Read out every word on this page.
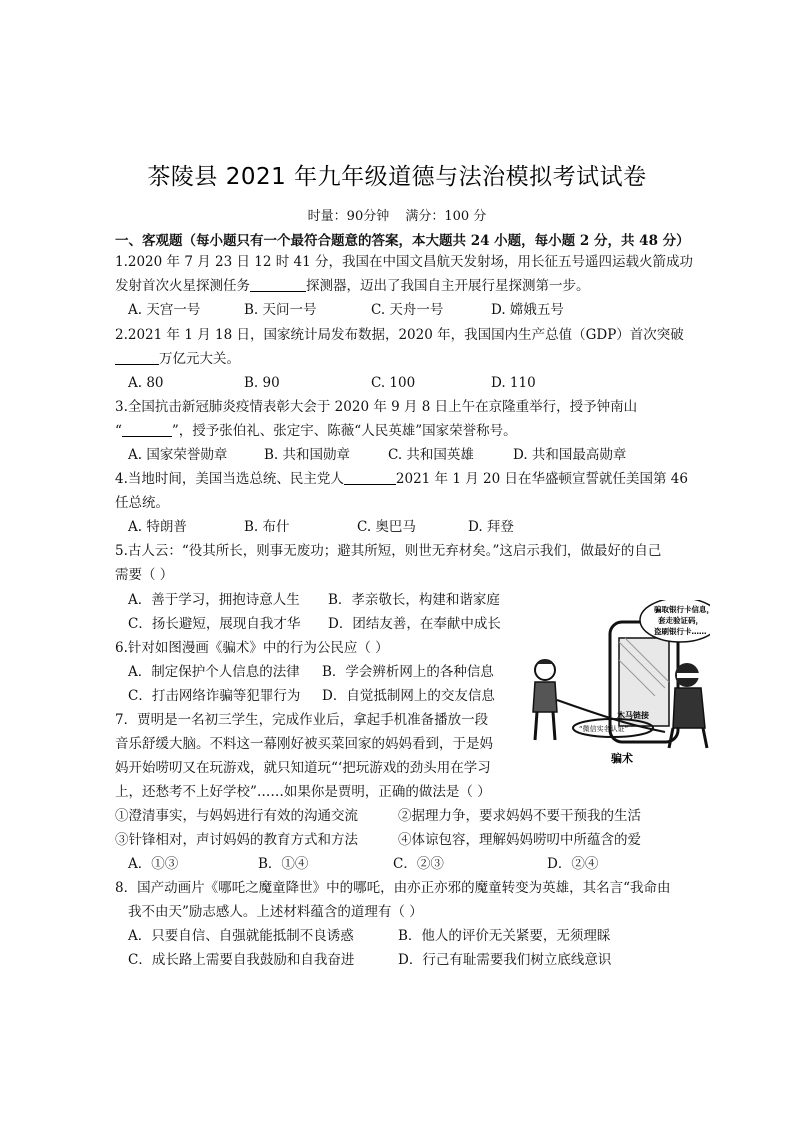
茶陵县 2021 年九年级道德与法治模拟考试试卷
时量：90分钟 满分：100 分
一、客观题（每小题只有一个最符合题意的答案，本大题共 24 小题，每小题 2 分，共 48 分）
1.2020 年 7 月 23 日 12 时 41 分，我国在中国文昌航天发射场，用长征五号遥四运载火箭成功
发射首次火星探测任务	探测器，迈出了我国自主开展行星探测第一步。
A. 天宫一号	B. 天问一号	C. 天舟一号	D. 嫦娥五号
2.2021 年 1 月 18 日，国家统计局发布数据，2020 年，我国国内生产总值（GDP）首次突破
万亿元大关。
A. 80	B. 90	C. 100	D. 110
3.全国抗击新冠肺炎疫情表彰大会于 2020 年 9 月 8 日上午在京隆重举行，授予钟南山
“	”，授予张伯礼、张定宇、陈薇“人民英雄”国家荣誉称号。
A. 国家荣誉勋章	B. 共和国勋章	C. 共和国英雄	D. 共和国最高勋章
4.当地时间，美国当选总统、民主党人	2021 年 1 月 20 日在华盛顿宣誓就任美国第 46
任总统。
A. 特朗普	B. 布什	C. 奥巴马	D. 拜登
5.古人云：“役其所长，则事无废功；避其所短，则世无弃材矣。”这启示我们，做最好的自己
需要（ ）
A．善于学习，拥抱诗意人生 B．孝亲敬长，构建和谐家庭
C．扬长避短，展现自我才华 D．团结友善，在奉献中成长
6.针对如图漫画《骗术》中的行为公民应（ ）
A．制定保护个人信息的法律 B．学会辨析网上的各种信息
C．打击网络诈骗等犯罪行为 D．自觉抵制网上的交友信息
7．贾明是一名初三学生，完成作业后，拿起手机准备播放一段
音乐舒缓大脑。不料这一幕刚好被买菜回家的妈妈看到，于是妈
妈开始唠叨又在玩游戏，就只知道玩“‘把玩游戏的劲头用在学习
上，还愁考不上好学校”……如果你是贾明，正确的做法是（ ）
①澄清事实，与妈妈进行有效的沟通交流	②据理力争，要求妈妈不要干预我的生活
③针锋相对，声讨妈妈的教育方式和方法	④体谅包容，理解妈妈唠叨中所蕴含的爱
A．①③	B．①④	C．②③	D．②④
8．国产动画片《哪吒之魔童降世》中的哪吒，由亦正亦邪的魔童转变为英雄，其名言“我命由
我不由天”励志感人。上述材料蕴含的道理有（ ）
A．只要自信、自强就能抵制不良诱惑	B．他人的评价无关紧要，无须理睬
C．成长路上需要自我鼓励和自我奋进	D．行己有耻需要我们树立底线意识
骗取银行卡信息，
套走验证码，
盗刷银行卡……
木马链接
“微信实名认证”
骗术
